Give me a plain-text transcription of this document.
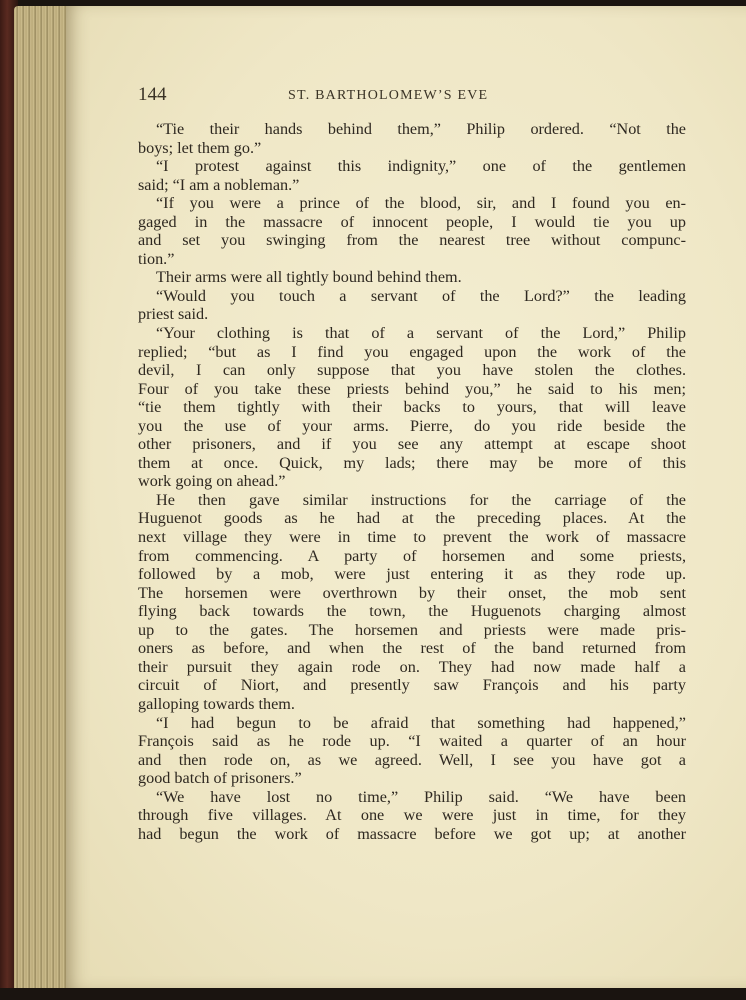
144	ST. BARTHOLOMEW’S EVE
“Tie their hands behind them,” Philip ordered. “Not the
boys; let them go.”
“I protest against this indignity,” one of the gentlemen
said; “I am a nobleman.”
“If you were a prince of the blood, sir, and I found you en-
gaged in the massacre of innocent people, I would tie you up
and set you swinging from the nearest tree without compunc-
tion.”
Their arms were all tightly bound behind them.
“Would you touch a servant of the Lord?” the leading
priest said.
“Your clothing is that of a servant of the Lord,” Philip
replied; “but as I find you engaged upon the work of the
devil, I can only suppose that you have stolen the clothes.
Four of you take these priests behind you,” he said to his men;
“tie them tightly with their backs to yours, that will leave
you the use of your arms. Pierre, do you ride beside the
other prisoners, and if you see any attempt at escape shoot
them at once. Quick, my lads; there may be more of this
work going on ahead.”
He then gave similar instructions for the carriage of the
Huguenot goods as he had at the preceding places. At the
next village they were in time to prevent the work of massacre
from commencing. A party of horsemen and some priests,
followed by a mob, were just entering it as they rode up.
The horsemen were overthrown by their onset, the mob sent
flying back towards the town, the Huguenots charging almost
up to the gates. The horsemen and priests were made pris-
oners as before, and when the rest of the band returned from
their pursuit they again rode on. They had now made half a
circuit of Niort, and presently saw François and his party
galloping towards them.
“I had begun to be afraid that something had happened,”
François said as he rode up. “I waited a quarter of an hour
and then rode on, as we agreed. Well, I see you have got a
good batch of prisoners.”
“We have lost no time,” Philip said. “We have been
through five villages. At one we were just in time, for they
had begun the work of massacre before we got up; at another
